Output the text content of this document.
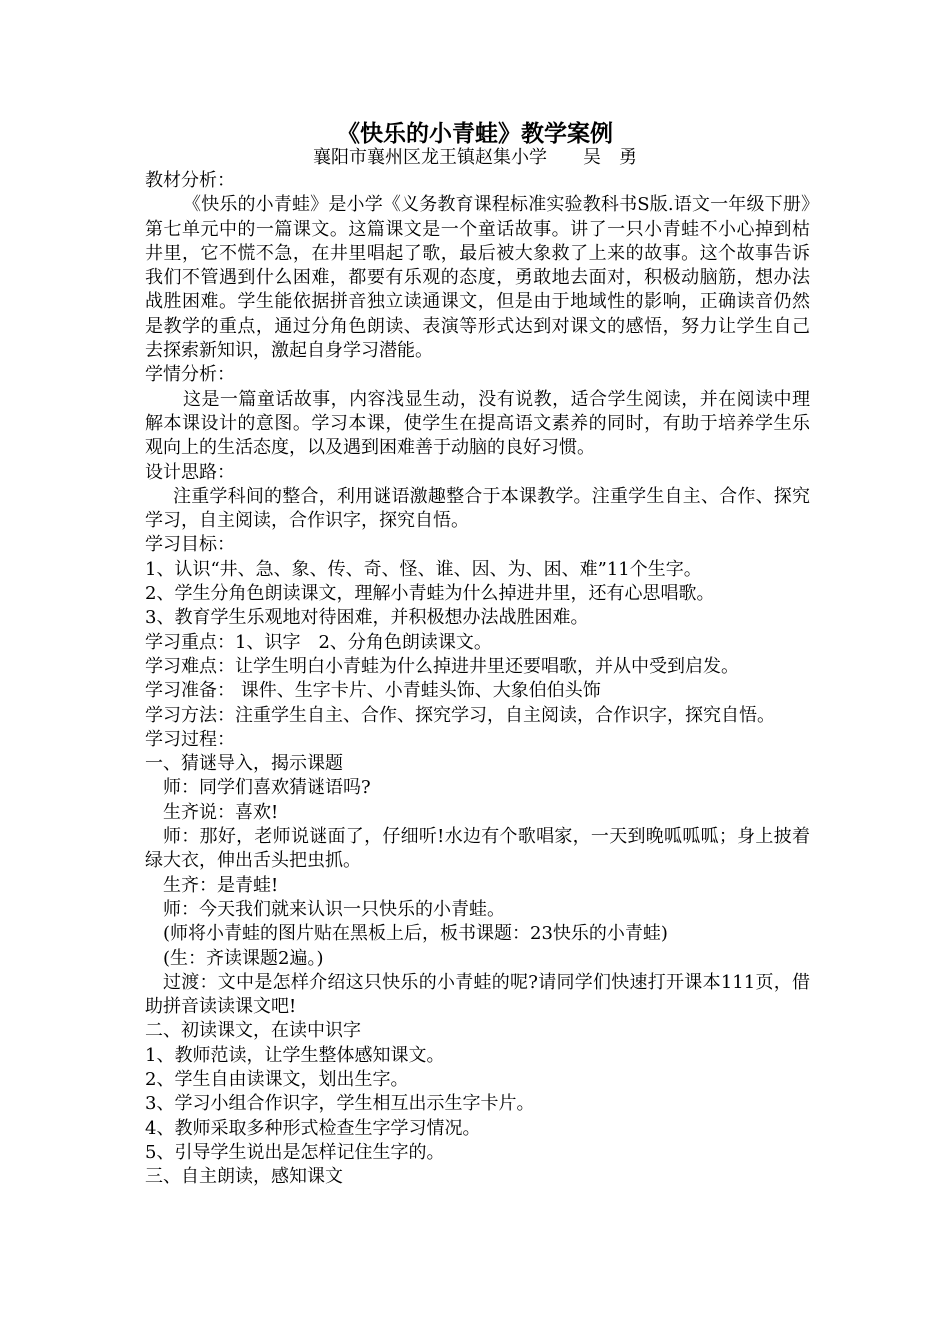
《快乐的小青蛙》教学案例
襄阳市襄州区龙王镇赵集小学　　吴　勇

教材分析：

《快乐的小青蛙》是小学《义务教育课程标准实验教科书S版.语文一年级下册》第七单元中的一篇课文。这篇课文是一个童话故事。讲了一只小青蛙不小心掉到枯井里，它不慌不急，在井里唱起了歌，最后被大象救了上来的故事。这个故事告诉我们不管遇到什么困难，都要有乐观的态度，勇敢地去面对，积极动脑筋，想办法战胜困难。学生能依据拼音独立读通课文，但是由于地域性的影响，正确读音仍然是教学的重点，通过分角色朗读、表演等形式达到对课文的感悟，努力让学生自己去探索新知识，激起自身学习潜能。

学情分析：

这是一篇童话故事，内容浅显生动，没有说教，适合学生阅读，并在阅读中理解本课设计的意图。学习本课，使学生在提高语文素养的同时，有助于培养学生乐观向上的生活态度，以及遇到困难善于动脑的良好习惯。

设计思路：

注重学科间的整合，利用谜语激趣整合于本课教学。注重学生自主、合作、探究学习，自主阅读，合作识字，探究自悟。

学习目标：

1、认识“井、急、象、传、奇、怪、谁、因、为、困、难”11个生字。

2、学生分角色朗读课文，理解小青蛙为什么掉进井里，还有心思唱歌。

3、教育学生乐观地对待困难，并积极想办法战胜困难。

学习重点：1、识字　2、分角色朗读课文。

学习难点：让学生明白小青蛙为什么掉进井里还要唱歌，并从中受到启发。

学习准备： 课件、生字卡片、小青蛙头饰、大象伯伯头饰

学习方法：注重学生自主、合作、探究学习，自主阅读，合作识字，探究自悟。

学习过程：

一、猜谜导入，揭示课题

师：同学们喜欢猜谜语吗?

生齐说：喜欢!

师：那好，老师说谜面了，仔细听!水边有个歌唱家，一天到晚呱呱呱；身上披着绿大衣，伸出舌头把虫抓。

生齐：是青蛙!

师：今天我们就来认识一只快乐的小青蛙。

(师将小青蛙的图片贴在黑板上后，板书课题：23快乐的小青蛙)

(生：齐读课题2遍。)

过渡：文中是怎样介绍这只快乐的小青蛙的呢?请同学们快速打开课本111页，借助拼音读读课文吧!

二、初读课文，在读中识字

1、教师范读，让学生整体感知课文。

2、学生自由读课文，划出生字。

3、学习小组合作识字，学生相互出示生字卡片。

4、教师采取多种形式检查生字学习情况。

5、引导学生说出是怎样记住生字的。

三、自主朗读，感知课文
